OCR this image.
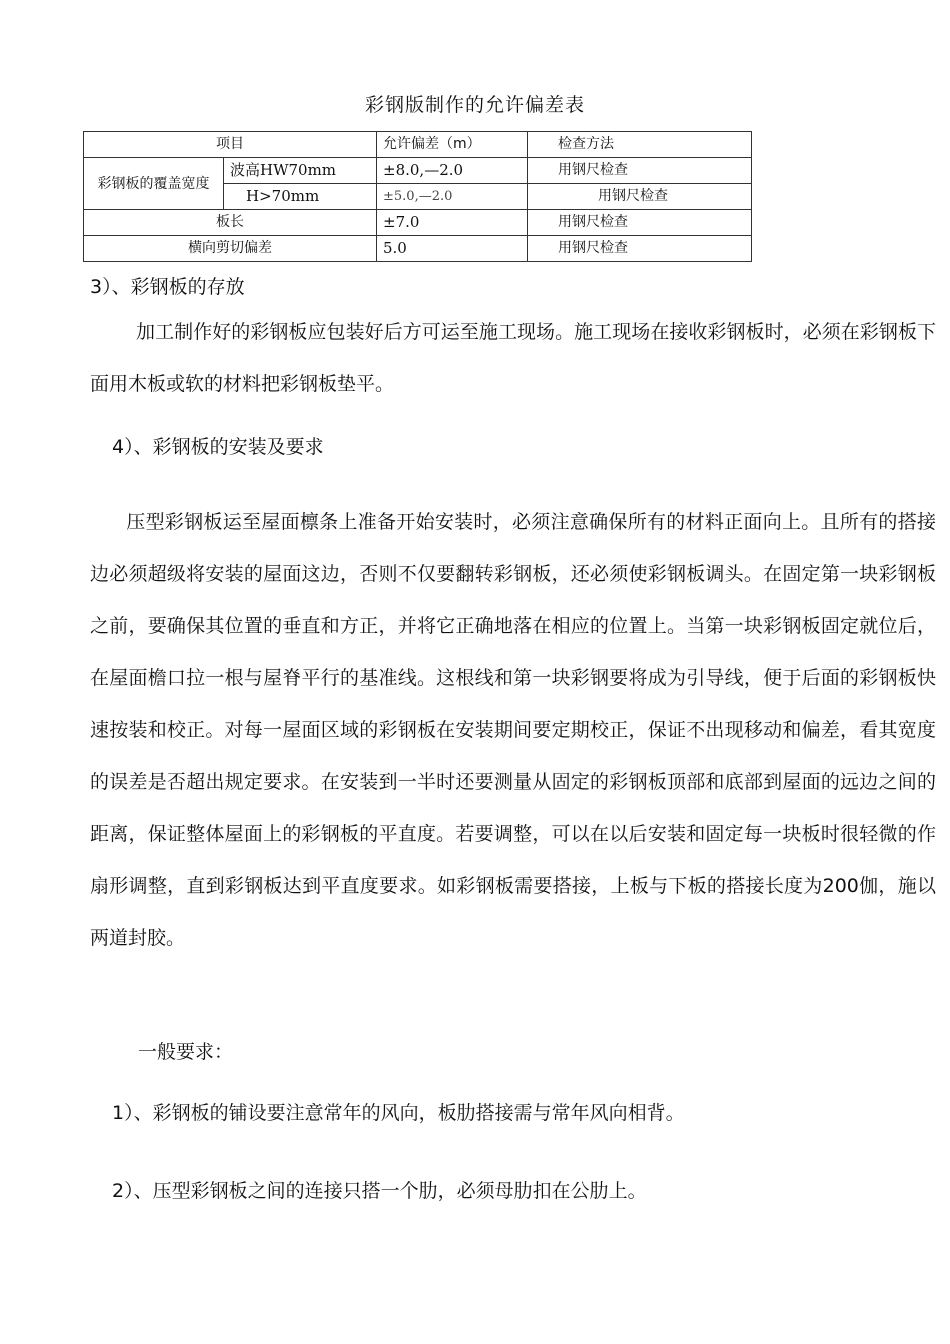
彩钢版制作的允许偏差表
项目		允许偏差（m）	检查方法
彩钢板的覆盖宽度	波高HW70mm	±8.0,—2.0	用钢尺检查
	H>70mm	±5.0,—2.0	用钢尺检查
板长		±7.0	用钢尺检查
横向剪切偏差		5.0	用钢尺检查
3）、彩钢板的存放
加工制作好的彩钢板应包装好后方可运至施工现场。施工现场在接收彩钢板时，必须在彩钢板下面用木板或软的材料把彩钢板垫平。
4）、彩钢板的安装及要求
压型彩钢板运至屋面檩条上准备开始安装时，必须注意确保所有的材料正面向上。且所有的搭接边必须超级将安装的屋面这边，否则不仅要翻转彩钢板，还必须使彩钢板调头。在固定第一块彩钢板之前，要确保其位置的垂直和方正，并将它正确地落在相应的位置上。当第一块彩钢板固定就位后，在屋面檐口拉一根与屋脊平行的基准线。这根线和第一块彩钢要将成为引导线，便于后面的彩钢板快速按装和校正。对每一屋面区域的彩钢板在安装期间要定期校正，保证不出现移动和偏差，看其宽度的误差是否超出规定要求。在安装到一半时还要测量从固定的彩钢板顶部和底部到屋面的远边之间的距离，保证整体屋面上的彩钢板的平直度。若要调整，可以在以后安装和固定每一块板时很轻微的作扇形调整，直到彩钢板达到平直度要求。如彩钢板需要搭接，上板与下板的搭接长度为200伽，施以两道封胶。
一般要求：
1）、彩钢板的铺设要注意常年的风向，板肋搭接需与常年风向相背。
2）、压型彩钢板之间的连接只搭一个肋，必须母肋扣在公肋上。
